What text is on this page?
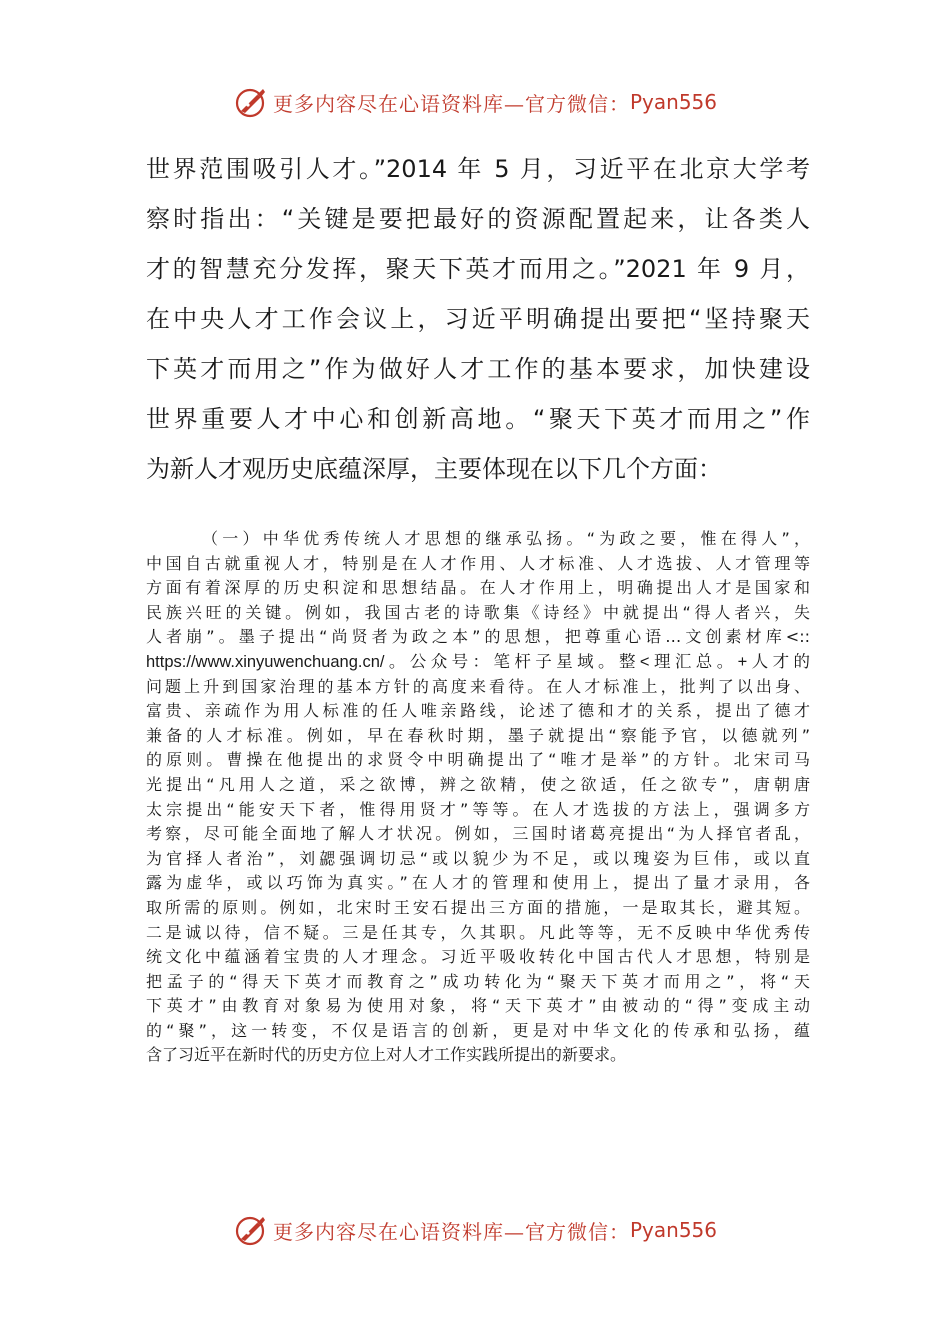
更多内容尽在心语资料库—官方微信： Pyan556
世界范围吸引人才。”2014 年 5 月，习近平在北京大学考
察时指出：“关键是要把最好的资源配置起来，让各类人
才的智慧充分发挥，聚天下英才而用之。”2021 年 9 月，
在中央人才工作会议上，习近平明确提出要把“坚持聚天
下英才而用之”作为做好人才工作的基本要求，加快建设
世界重要人才中心和创新高地。“聚天下英才而用之”作
为新人才观历史底蕴深厚，主要体现在以下几个方面：
（一）中华优秀传统人才思想的继承弘扬。“为政之要，惟在得人”，
中国自古就重视人才，特别是在人才作用、人才标准、人才选拔、人才管理等
方面有着深厚的历史积淀和思想结晶。在人才作用上，明确提出人才是国家和
民族兴旺的关键。例如，我国古老的诗歌集《诗经》中就提出“得人者兴，失
人者崩”。墨子提出“尚贤者为政之本”的思想，把尊重心语…文创素材库<::
https://www.xinyuwenchuang.cn/。公众号：笔杆子星域。整<理汇总。+人才的
问题上升到国家治理的基本方针的高度来看待。在人才标准上，批判了以出身、
富贵、亲疏作为用人标准的任人唯亲路线，论述了德和才的关系，提出了德才
兼备的人才标准。例如，早在春秋时期，墨子就提出“察能予官，以德就列”
的原则。曹操在他提出的求贤令中明确提出了“唯才是举”的方针。北宋司马
光提出“凡用人之道，采之欲博，辨之欲精，使之欲适，任之欲专”，唐朝唐
太宗提出“能安天下者，惟得用贤才”等等。在人才选拔的方法上，强调多方
考察，尽可能全面地了解人才状况。例如，三国时诸葛亮提出“为人择官者乱，
为官择人者治”，刘勰强调切忌“或以貌少为不足，或以瑰姿为巨伟，或以直
露为虚华，或以巧饰为真实。”在人才的管理和使用上，提出了量才录用，各
取所需的原则。例如，北宋时王安石提出三方面的措施，一是取其长，避其短。
二是诚以待，信不疑。三是任其专，久其职。凡此等等，无不反映中华优秀传
统文化中蕴涵着宝贵的人才理念。习近平吸收转化中国古代人才思想，特别是
把孟子的“得天下英才而教育之”成功转化为“聚天下英才而用之”，将“天
下英才”由教育对象易为使用对象，将“天下英才”由被动的“得”变成主动
的“聚”，这一转变，不仅是语言的创新，更是对中华文化的传承和弘扬，蕴
含了习近平在新时代的历史方位上对人才工作实践所提出的新要求。
更多内容尽在心语资料库—官方微信： Pyan556
